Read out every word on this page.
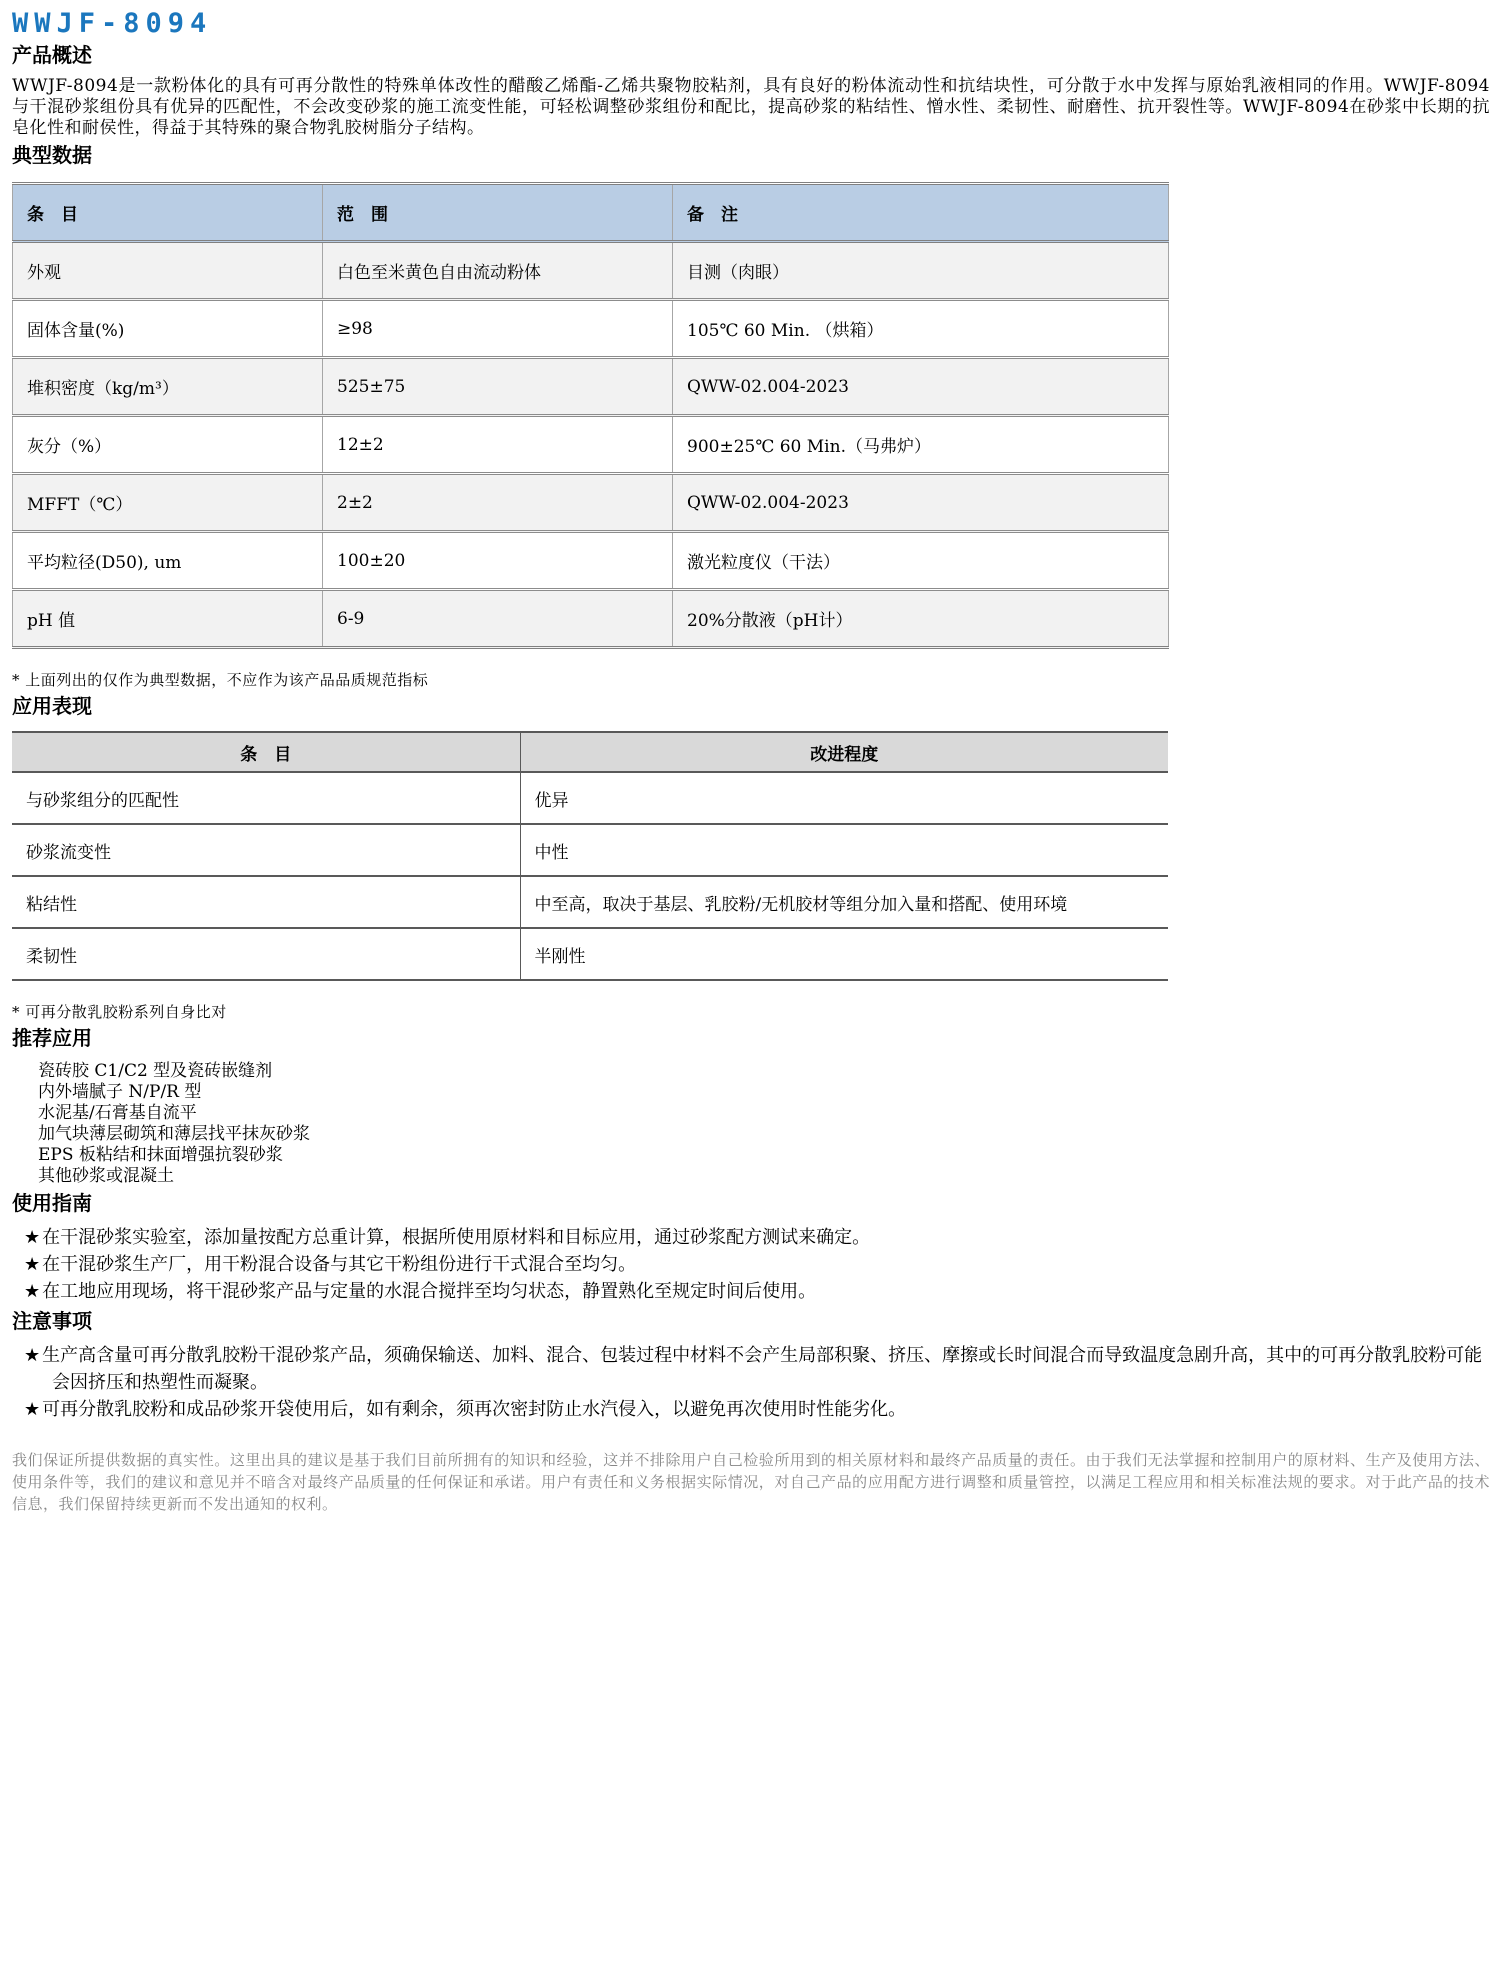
WWJF-8094
产品概述
WWJF-8094是一款粉体化的具有可再分散性的特殊单体改性的醋酸乙烯酯-乙烯共聚物胶粘剂，具有良好的粉体流动性和抗结块性，可分散于水中发挥与原始乳液相同的作用。WWJF-8094与干混砂浆组份具有优异的匹配性，不会改变砂浆的施工流变性能，可轻松调整砂浆组份和配比，提高砂浆的粘结性、憎水性、柔韧性、耐磨性、抗开裂性等。WWJF-8094在砂浆中长期的抗皂化性和耐侯性，得益于其特殊的聚合物乳胶树脂分子结构。
典型数据
条　目	范　围	备　注
外观	白色至米黄色自由流动粉体	目测（肉眼）
固体含量(%)	≥98	105℃ 60 Min. （烘箱）
堆积密度（kg/m³）	525±75	QWW-02.004-2023
灰分（%）	12±2	900±25℃ 60 Min.（马弗炉）
MFFT（℃）	2±2	QWW-02.004-2023
平均粒径(D50), um	100±20	激光粒度仪（干法）
pH 值	6-9	20%分散液（pH计）
* 上面列出的仅作为典型数据，不应作为该产品品质规范指标
应用表现
条　目	改进程度
与砂浆组分的匹配性	优异
砂浆流变性	中性
粘结性	中至高，取决于基层、乳胶粉/无机胶材等组分加入量和搭配、使用环境
柔韧性	半刚性
* 可再分散乳胶粉系列自身比对
推荐应用
瓷砖胶 C1/C2 型及瓷砖嵌缝剂
内外墙腻子 N/P/R 型
水泥基/石膏基自流平
加气块薄层砌筑和薄层找平抹灰砂浆
EPS 板粘结和抹面增强抗裂砂浆
其他砂浆或混凝土
使用指南
★ 在干混砂浆实验室，添加量按配方总重计算，根据所使用原材料和目标应用，通过砂浆配方测试来确定。
★ 在干混砂浆生产厂，用干粉混合设备与其它干粉组份进行干式混合至均匀。
★ 在工地应用现场，将干混砂浆产品与定量的水混合搅拌至均匀状态，静置熟化至规定时间后使用。
注意事项
★ 生产高含量可再分散乳胶粉干混砂浆产品，须确保输送、加料、混合、包装过程中材料不会产生局部积聚、挤压、摩擦或长时间混合而导致温度急剧升高，其中的可再分散乳胶粉可能会因挤压和热塑性而凝聚。
★ 可再分散乳胶粉和成品砂浆开袋使用后，如有剩余，须再次密封防止水汽侵入，以避免再次使用时性能劣化。
我们保证所提供数据的真实性。这里出具的建议是基于我们目前所拥有的知识和经验，这并不排除用户自己检验所用到的相关原材料和最终产品质量的责任。由于我们无法掌握和控制用户的原材料、生产及使用方法、使用条件等，我们的建议和意见并不暗含对最终产品质量的任何保证和承诺。用户有责任和义务根据实际情况，对自己产品的应用配方进行调整和质量管控，以满足工程应用和相关标准法规的要求。对于此产品的技术信息，我们保留持续更新而不发出通知的权利。
